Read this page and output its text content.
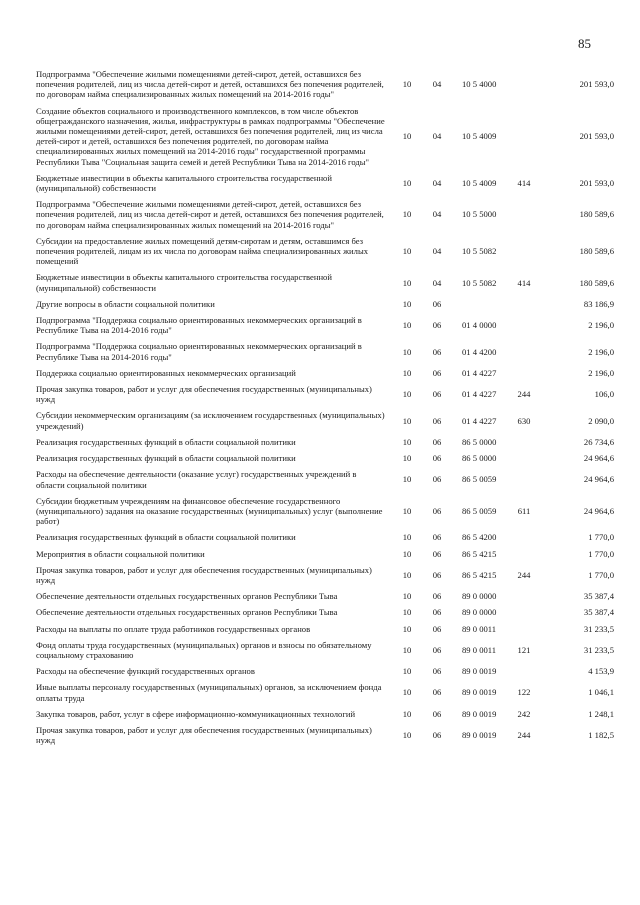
85
Подпрограмма "Обеспечение жилыми помещениями детей-сирот, детей, оставшихся без попечения родителей, лиц из числа детей-сирот и детей, оставшихся без попечения родителей, по договорам найма специализированных жилых помещений на 2014-2016 годы"	10	04	10 5 4000		201 593,0
Создание объектов социального и производственного комплексов, в том числе объектов общегражданского назначения, жилья, инфраструктуры в рамках подпрограммы "Обеспечение жилыми помещениями детей-сирот, детей, оставшихся без попечения родителей, лиц из числа детей-сирот и детей, оставшихся без попечения родителей, по договорам найма специализированных жилых помещений на 2014-2016 годы" государственной программы Республики Тыва "Социальная защита семей и детей Республики Тыва на 2014-2016 годы"	10	04	10 5 4009		201 593,0
Бюджетные инвестиции в объекты капитального строительства государственной (муниципальной) собственности	10	04	10 5 4009	414	201 593,0
Подпрограмма "Обеспечение жилыми помещениями детей-сирот, детей, оставшихся без попечения родителей, лиц из числа детей-сирот и детей, оставшихся без попечения родителей, по договорам найма специализированных жилых помещений на 2014-2016 годы"	10	04	10 5 5000		180 589,6
Субсидии на предоставление жилых помещений детям-сиротам и детям, оставшимся без попечения родителей, лицам из их числа по договорам найма специализированных жилых помещений	10	04	10 5 5082		180 589,6
Бюджетные инвестиции в объекты капитального строительства государственной (муниципальной) собственности	10	04	10 5 5082	414	180 589,6
Другие вопросы в области социальной политики	10	06			83 186,9
Подпрограмма "Поддержка социально ориентированных некоммерческих организаций в Республике Тыва на 2014-2016 годы"	10	06	01 4 0000		2 196,0
Подпрограмма "Поддержка социально ориентированных некоммерческих организаций в Республике Тыва на 2014-2016 годы"	10	06	01 4 4200		2 196,0
Поддержка социально ориентированных некоммерческих организаций	10	06	01 4 4227		2 196,0
Прочая закупка товаров, работ и услуг для обеспечения государственных (муниципальных) нужд	10	06	01 4 4227	244	106,0
Субсидии некоммерческим организациям (за исключением государственных (муниципальных) учреждений)	10	06	01 4 4227	630	2 090,0
Реализация государственных функций в области социальной политики	10	06	86 5 0000		26 734,6
Реализация государственных функций в области социальной политики	10	06	86 5 0000		24 964,6
Расходы на обеспечение деятельности (оказание услуг) государственных учреждений в области социальной политики	10	06	86 5 0059		24 964,6
Субсидии бюджетным учреждениям на финансовое обеспечение государственного (муниципального) задания на оказание государственных (муниципальных) услуг (выполнение работ)	10	06	86 5 0059	611	24 964,6
Реализация государственных функций в области социальной политики	10	06	86 5 4200		1 770,0
Мероприятия в области социальной политики	10	06	86 5 4215		1 770,0
Прочая закупка товаров, работ и услуг для обеспечения государственных (муниципальных) нужд	10	06	86 5 4215	244	1 770,0
Обеспечение деятельности отдельных государственных органов Республики Тыва	10	06	89 0 0000		35 387,4
Обеспечение деятельности отдельных государственных органов Республики Тыва	10	06	89 0 0000		35 387,4
Расходы на выплаты по оплате труда работников государственных органов	10	06	89 0 0011		31 233,5
Фонд оплаты труда государственных (муниципальных) органов и взносы по обязательному социальному страхованию	10	06	89 0 0011	121	31 233,5
Расходы на обеспечение функций государственных органов	10	06	89 0 0019		4 153,9
Иные выплаты персоналу государственных (муниципальных) органов, за исключением фонда оплаты труда	10	06	89 0 0019	122	1 046,1
Закупка товаров, работ, услуг в сфере информационно-коммуникационных технологий	10	06	89 0 0019	242	1 248,1
Прочая закупка товаров, работ и услуг для обеспечения государственных (муниципальных) нужд	10	06	89 0 0019	244	1 182,5
